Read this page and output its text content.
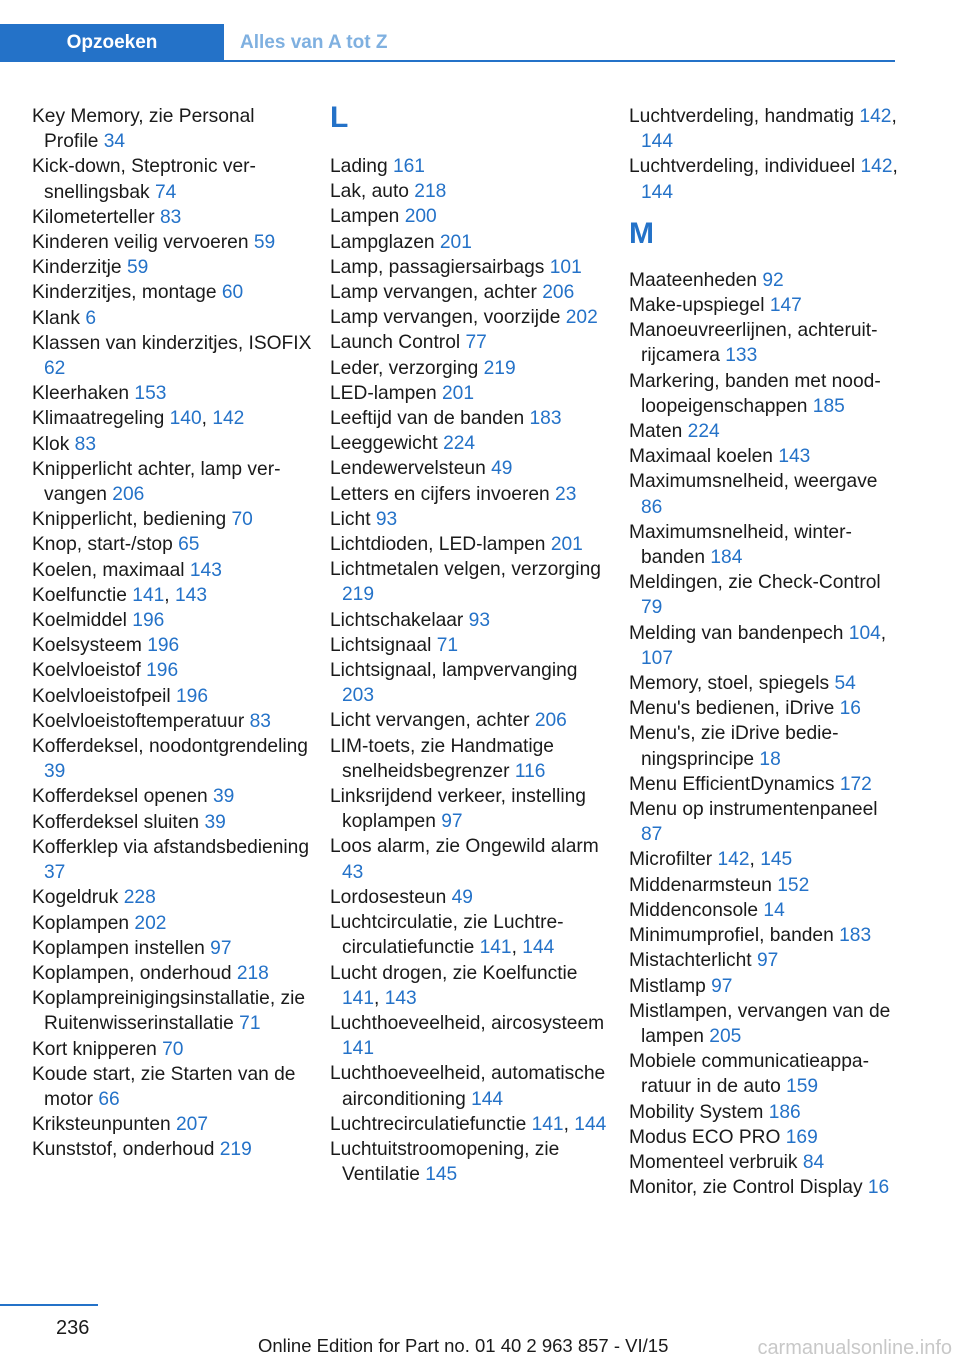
Opzoeken	Alles van A tot Z
Key Memory, zie Personal Profile 34
Kick-down, Steptronic versnellingsbak 74
Kilometerteller 83
Kinderen veilig vervoeren 59
Kinderzitje 59
Kinderzitjes, montage 60
Klank 6
Klassen van kinderzitjes, ISOFIX 62
Kleerhaken 153
Klimaatregeling 140, 142
Klok 83
Knipperlicht achter, lamp vervangen 206
Knipperlicht, bediening 70
Knop, start-/stop 65
Koelen, maximaal 143
Koelfunctie 141, 143
Koelmiddel 196
Koelsysteem 196
Koelvloeistof 196
Koelvloeistofpeil 196
Koelvloeistoftemperatuur 83
Kofferdeksel, noodontgrendeling 39
Kofferdeksel openen 39
Kofferdeksel sluiten 39
Kofferklep via afstandsbediening 37
Kogeldruk 228
Koplampen 202
Koplampen instellen 97
Koplampen, onderhoud 218
Koplampreinigingsinstallatie, zie Ruitenwisserinstallatie 71
Kort knipperen 70
Koude start, zie Starten van de motor 66
Kriksteunpunten 207
Kunststof, onderhoud 219
L
Lading 161
Lak, auto 218
Lampen 200
Lampglazen 201
Lamp, passagiersairbags 101
Lamp vervangen, achter 206
Lamp vervangen, voorzijde 202
Launch Control 77
Leder, verzorging 219
LED-lampen 201
Leeftijd van de banden 183
Leeggewicht 224
Lendewervelsteun 49
Letters en cijfers invoeren 23
Licht 93
Lichtdioden, LED-lampen 201
Lichtmetalen velgen, verzorging 219
Lichtschakelaar 93
Lichtsignaal 71
Lichtsignaal, lampvervanging 203
Licht vervangen, achter 206
LIM-toets, zie Handmatige snelheidsbegrenzer 116
Linksrijdend verkeer, instelling koplampen 97
Loos alarm, zie Ongewild alarm 43
Lordosesteun 49
Luchtcirculatie, zie Luchtrecirculatiefunctie 141, 144
Lucht drogen, zie Koelfunctie 141, 143
Luchthoeveelheid, aircosysteem 141
Luchthoeveelheid, automatische airconditioning 144
Luchtrecirculatiefunctie 141, 144
Luchtuitstroomopening, zie Ventilatie 145
Luchtverdeling, handmatig 142, 144
Luchtverdeling, individueel 142, 144
M
Maateenheden 92
Make-upspiegel 147
Manoeuvreerlijnen, achteruitrijcamera 133
Markering, banden met noodloopeigenschappen 185
Maten 224
Maximaal koelen 143
Maximumsnelheid, weergave 86
Maximumsnelheid, winterbanden 184
Meldingen, zie Check-Control 79
Melding van bandenpech 104, 107
Memory, stoel, spiegels 54
Menu's bedienen, iDrive 16
Menu's, zie iDrive bedieningsprincipe 18
Menu EfficientDynamics 172
Menu op instrumentenpaneel 87
Microfilter 142, 145
Middenarmsteun 152
Middenconsole 14
Minimumprofiel, banden 183
Mistachterlicht 97
Mistlamp 97
Mistlampen, vervangen van de lampen 205
Mobiele communicatieapparatuur in de auto 159
Mobility System 186
Modus ECO PRO 169
Momenteel verbruik 84
Monitor, zie Control Display 16
236
Online Edition for Part no. 01 40 2 963 857 - VI/15	carmanualsonline.info
